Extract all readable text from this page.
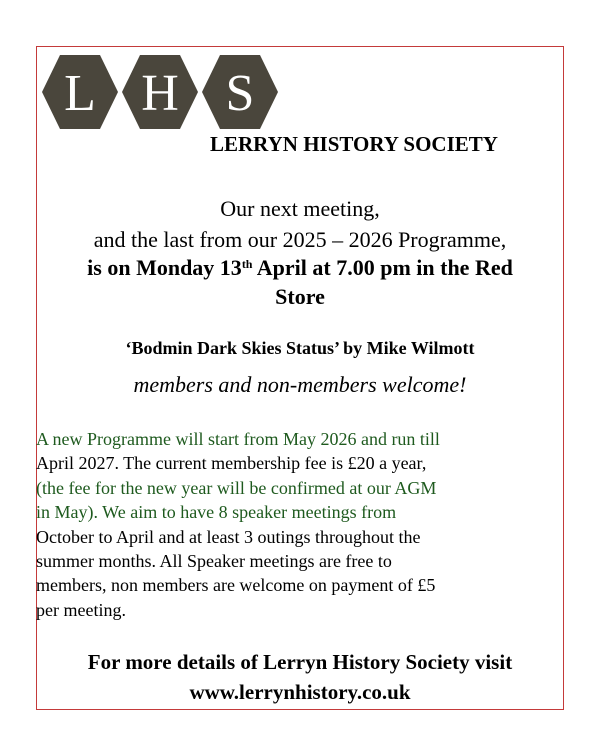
L H S
LERRYN HISTORY SOCIETY
Our next meeting,
and the last from our 2025 – 2026 Programme,
is on Monday 13th April at 7.00 pm in the Red
Store
‘Bodmin Dark Skies Status’ by Mike Wilmott
members and non-members welcome!
A new Programme will start from May 2026 and run till
April 2027. The current membership fee is £20 a year,
(the fee for the new year will be confirmed at our AGM
in May). We aim to have 8 speaker meetings from
October to April and at least 3 outings throughout the
summer months. All Speaker meetings are free to
members, non members are welcome on payment of £5
per meeting.
For more details of Lerryn History Society visit
www.lerrynhistory.co.uk
